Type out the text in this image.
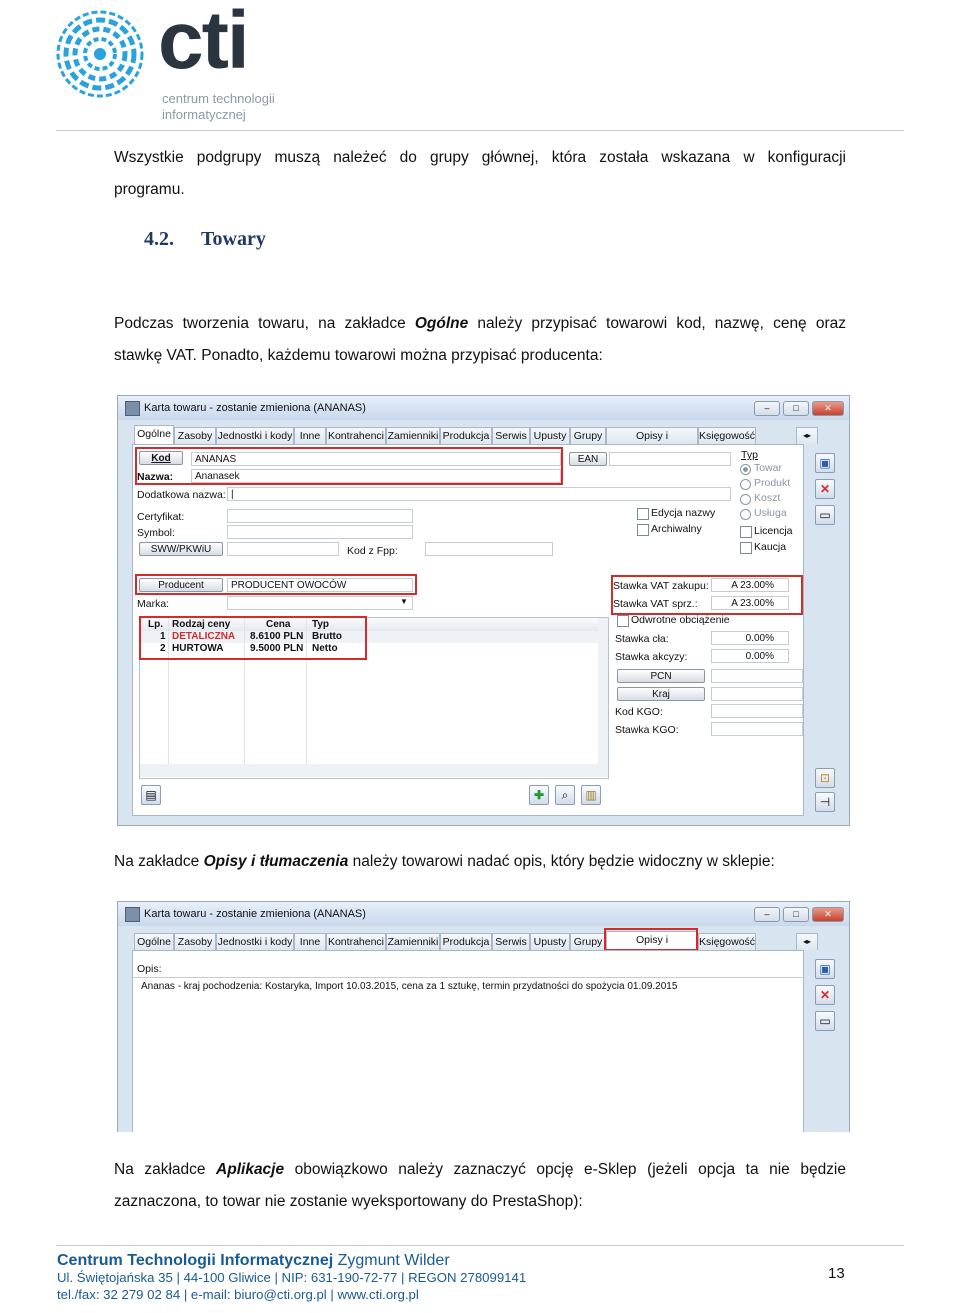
cti
centrum technologii
informatycznej
Wszystkie podgrupy muszą należeć do grupy głównej, która została wskazana w konfiguracji
programu.
4.2. Towary
Podczas tworzenia towaru, na zakładce Ogólne należy przypisać towarowi kod, nazwę, cenę oraz
stawkę VAT. Ponadto, każdemu towarowi można przypisać producenta:
Karta towaru - zostanie zmieniona (ANANAS)	–	□	✕
Ogólne Zasoby Jednostki i kody Inne Kontrahenci Zamienniki Produkcja Serwis Upusty Grupy	Opisy i	Księgowość	◂▸
Kod	ANANAS
Nazwa:	Ananasek
EAN
Dodatkowa nazwa: |
Certyfikat:
Symbol:
SWW/PKWiU	Kod z Fpp:
Edycja nazwy
Archiwalny
Typ
Towar
Produkt
Koszt
Usługa
Licencja
Kaucja
Producent	PRODUCENT OWOCÓW
Marka:	▼
Lp. Rodzaj ceny	Cena Typ
1 DETALICZNA 8.6100 PLN Brutto
2 HURTOWA	9.5000 PLN Netto
▤	✚	⌕	▥
Stawka VAT zakupu:	A 23.00%
Stawka VAT sprz.:	A 23.00%
Odwrotne obciążenie
Stawka cła:	0.00%
Stawka akcyzy:	0.00%
PCN
Kraj
Kod KGO:
Stawka KGO:
▣
✕
▭
⊡
⊣
Na zakładce Opisy i tłumaczenia należy towarowi nadać opis, który będzie widoczny w sklepie:
Karta towaru - zostanie zmieniona (ANANAS)	–	□	✕
Ogólne Zasoby Jednostki i kody Inne Kontrahenci Zamienniki Produkcja Serwis Upusty Grupy	Opisy i	Księgowość	◂▸
Opis:
Ananas - kraj pochodzenia: Kostaryka, Import 10.03.2015, cena za 1 sztukę, termin przydatności do spożycia 01.09.2015
▣
✕
▭
Na zakładce Aplikacje obowiązkowo należy zaznaczyć opcję e-Sklep (jeżeli opcja ta nie będzie
zaznaczona, to towar nie zostanie wyeksportowany do PrestaShop):
Centrum Technologii Informatycznej Zygmunt Wilder
Ul. Świętojańska 35 | 44-100 Gliwice | NIP: 631-190-72-77 | REGON 278099141
tel./fax: 32 279 02 84 | e-mail: biuro@cti.org.pl | www.cti.org.pl
13
